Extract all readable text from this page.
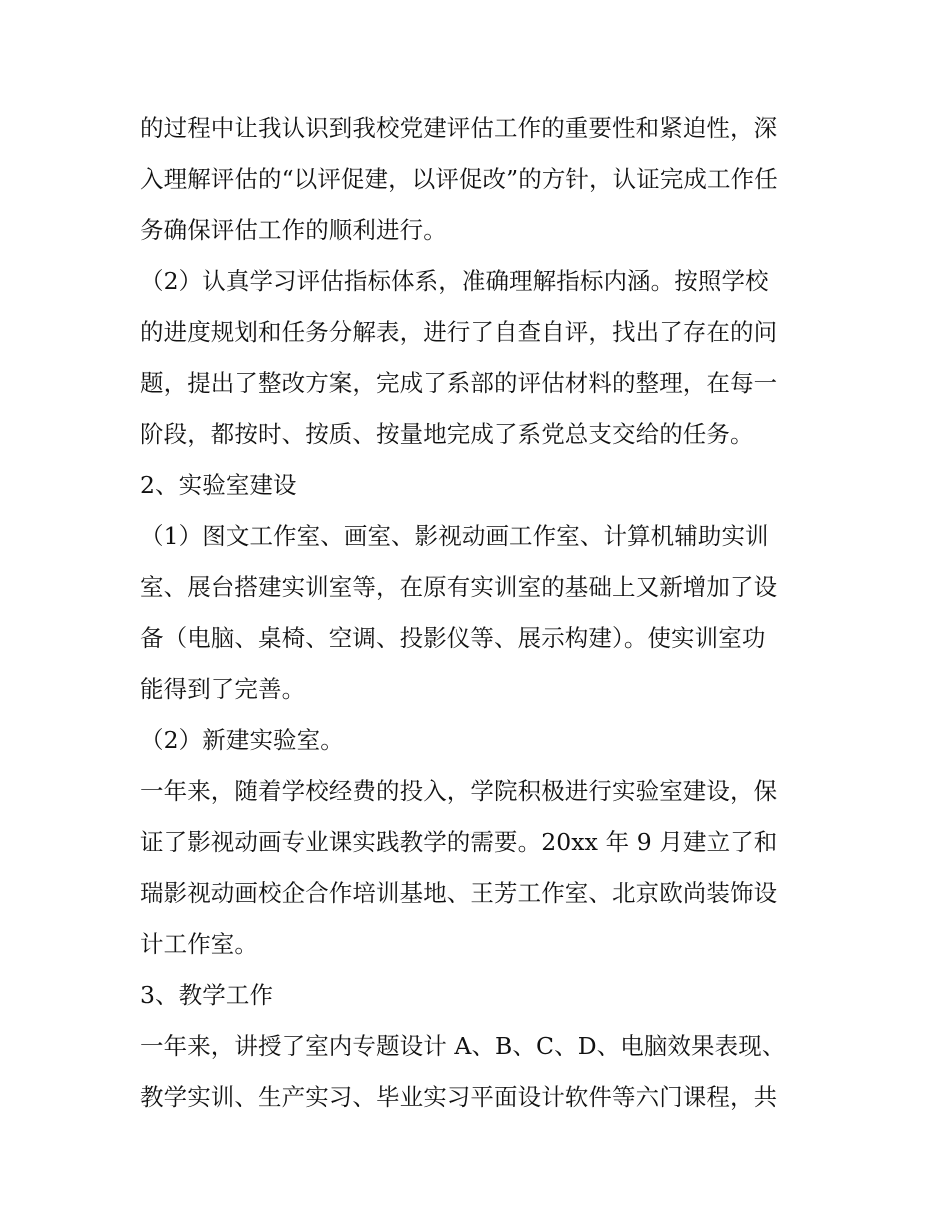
的过程中让我认识到我校党建评估工作的重要性和紧迫性，深
入理解评估的“以评促建，以评促改”的方针，认证完成工作任
务确保评估工作的顺利进行。
（2）认真学习评估指标体系，准确理解指标内涵。按照学校
的进度规划和任务分解表，进行了自查自评，找出了存在的问
题，提出了整改方案，完成了系部的评估材料的整理，在每一
阶段，都按时、按质、按量地完成了系党总支交给的任务。
2、实验室建设
（1）图文工作室、画室、影视动画工作室、计算机辅助实训
室、展台搭建实训室等，在原有实训室的基础上又新增加了设
备（电脑、桌椅、空调、投影仪等、展示构建）。使实训室功
能得到了完善。
（2）新建实验室。
一年来，随着学校经费的投入，学院积极进行实验室建设，保
证了影视动画专业课实践教学的需要。20xx 年 9 月建立了和
瑞影视动画校企合作培训基地、王芳工作室、北京欧尚装饰设
计工作室。
3、教学工作
一年来，讲授了室内专题设计 A、B、C、D、电脑效果表现、
教学实训、生产实习、毕业实习平面设计软件等六门课程，共
